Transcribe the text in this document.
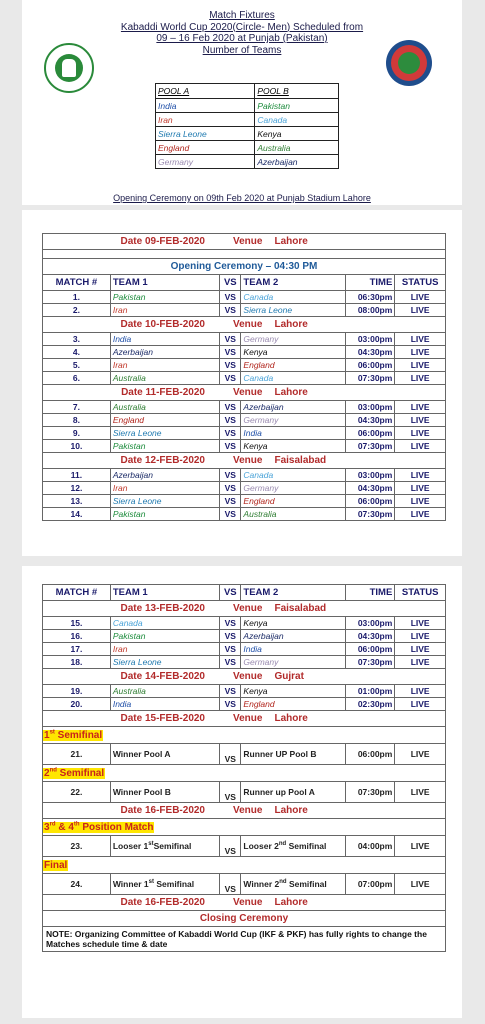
Match Fixtures
Kabaddi World Cup 2020(Circle- Men) Scheduled from
09 – 16 Feb 2020 at Punjab (Pakistan)
Number of Teams
POOL A	POOL B
India	Pakistan
Iran	Canada
Sierra Leone	Kenya
England	Australia
Germany	Azerbaijan
Opening Ceremony on 09th Feb 2020 at Punjab Stadium Lahore
Date 09-FEB-2020 Venue Lahore					

Opening Ceremony – 04:30 PM					
MATCH #	TEAM 1	VS	TEAM 2	TIME	STATUS
1.	Pakistan	VS	Canada	06:30pm	LIVE
2.	Iran	VS	Sierra Leone	08:00pm	LIVE
Date 10-FEB-2020 Venue Lahore					
3.	India	VS	Germany	03:00pm	LIVE
4.	Azerbaijan	VS	Kenya	04:30pm	LIVE
5.	Iran	VS	England	06:00pm	LIVE
6.	Australia	VS	Canada	07:30pm	LIVE
Date 11-FEB-2020 Venue Lahore					
7.	Australia	VS	Azerbaijan	03:00pm	LIVE
8.	England	VS	Germany	04:30pm	LIVE
9.	Sierra Leone	VS	India	06:00pm	LIVE
10.	Pakistan	VS	Kenya	07:30pm	LIVE
Date 12-FEB-2020 Venue Faisalabad					
11.	Azerbaijan	VS	Canada	03:00pm	LIVE
12.	Iran	VS	Germany	04:30pm	LIVE
13.	Sierra Leone	VS	England	06:00pm	LIVE
14.	Pakistan	VS	Australia	07:30pm	LIVE
MATCH #	TEAM 1	VS	TEAM 2	TIME	STATUS
Date 13-FEB-2020 Venue Faisalabad					
15.	Canada	VS	Kenya	03:00pm	LIVE
16.	Pakistan	VS	Azerbaijan	04:30pm	LIVE
17.	Iran	VS	India	06:00pm	LIVE
18.	Sierra Leone	VS	Germany	07:30pm	LIVE
Date 14-FEB-2020 Venue Gujrat					
19.	Australia	VS	Kenya	01:00pm	LIVE
20.	India	VS	England	02:30pm	LIVE
Date 15-FEB-2020 Venue Lahore					
1st Semifinal					
21.	Winner Pool A	VS	Runner UP Pool B	06:00pm	LIVE
2nd Semifinal					
22.	Winner Pool B	VS	Runner up Pool A	07:30pm	LIVE
Date 16-FEB-2020 Venue Lahore					
3rd & 4th Position Match					
23.	Looser 1stSemifinal	VS	Looser 2nd Semifinal	04:00pm	LIVE
Final					
24.	Winner 1st Semifinal	VS	Winner 2nd Semifinal	07:00pm	LIVE
Date 16-FEB-2020 Venue Lahore					
Closing Ceremony					
NOTE: Organizing Committee of Kabaddi World Cup (IKF & PKF) has fully rights to change the Matches schedule time & date					
